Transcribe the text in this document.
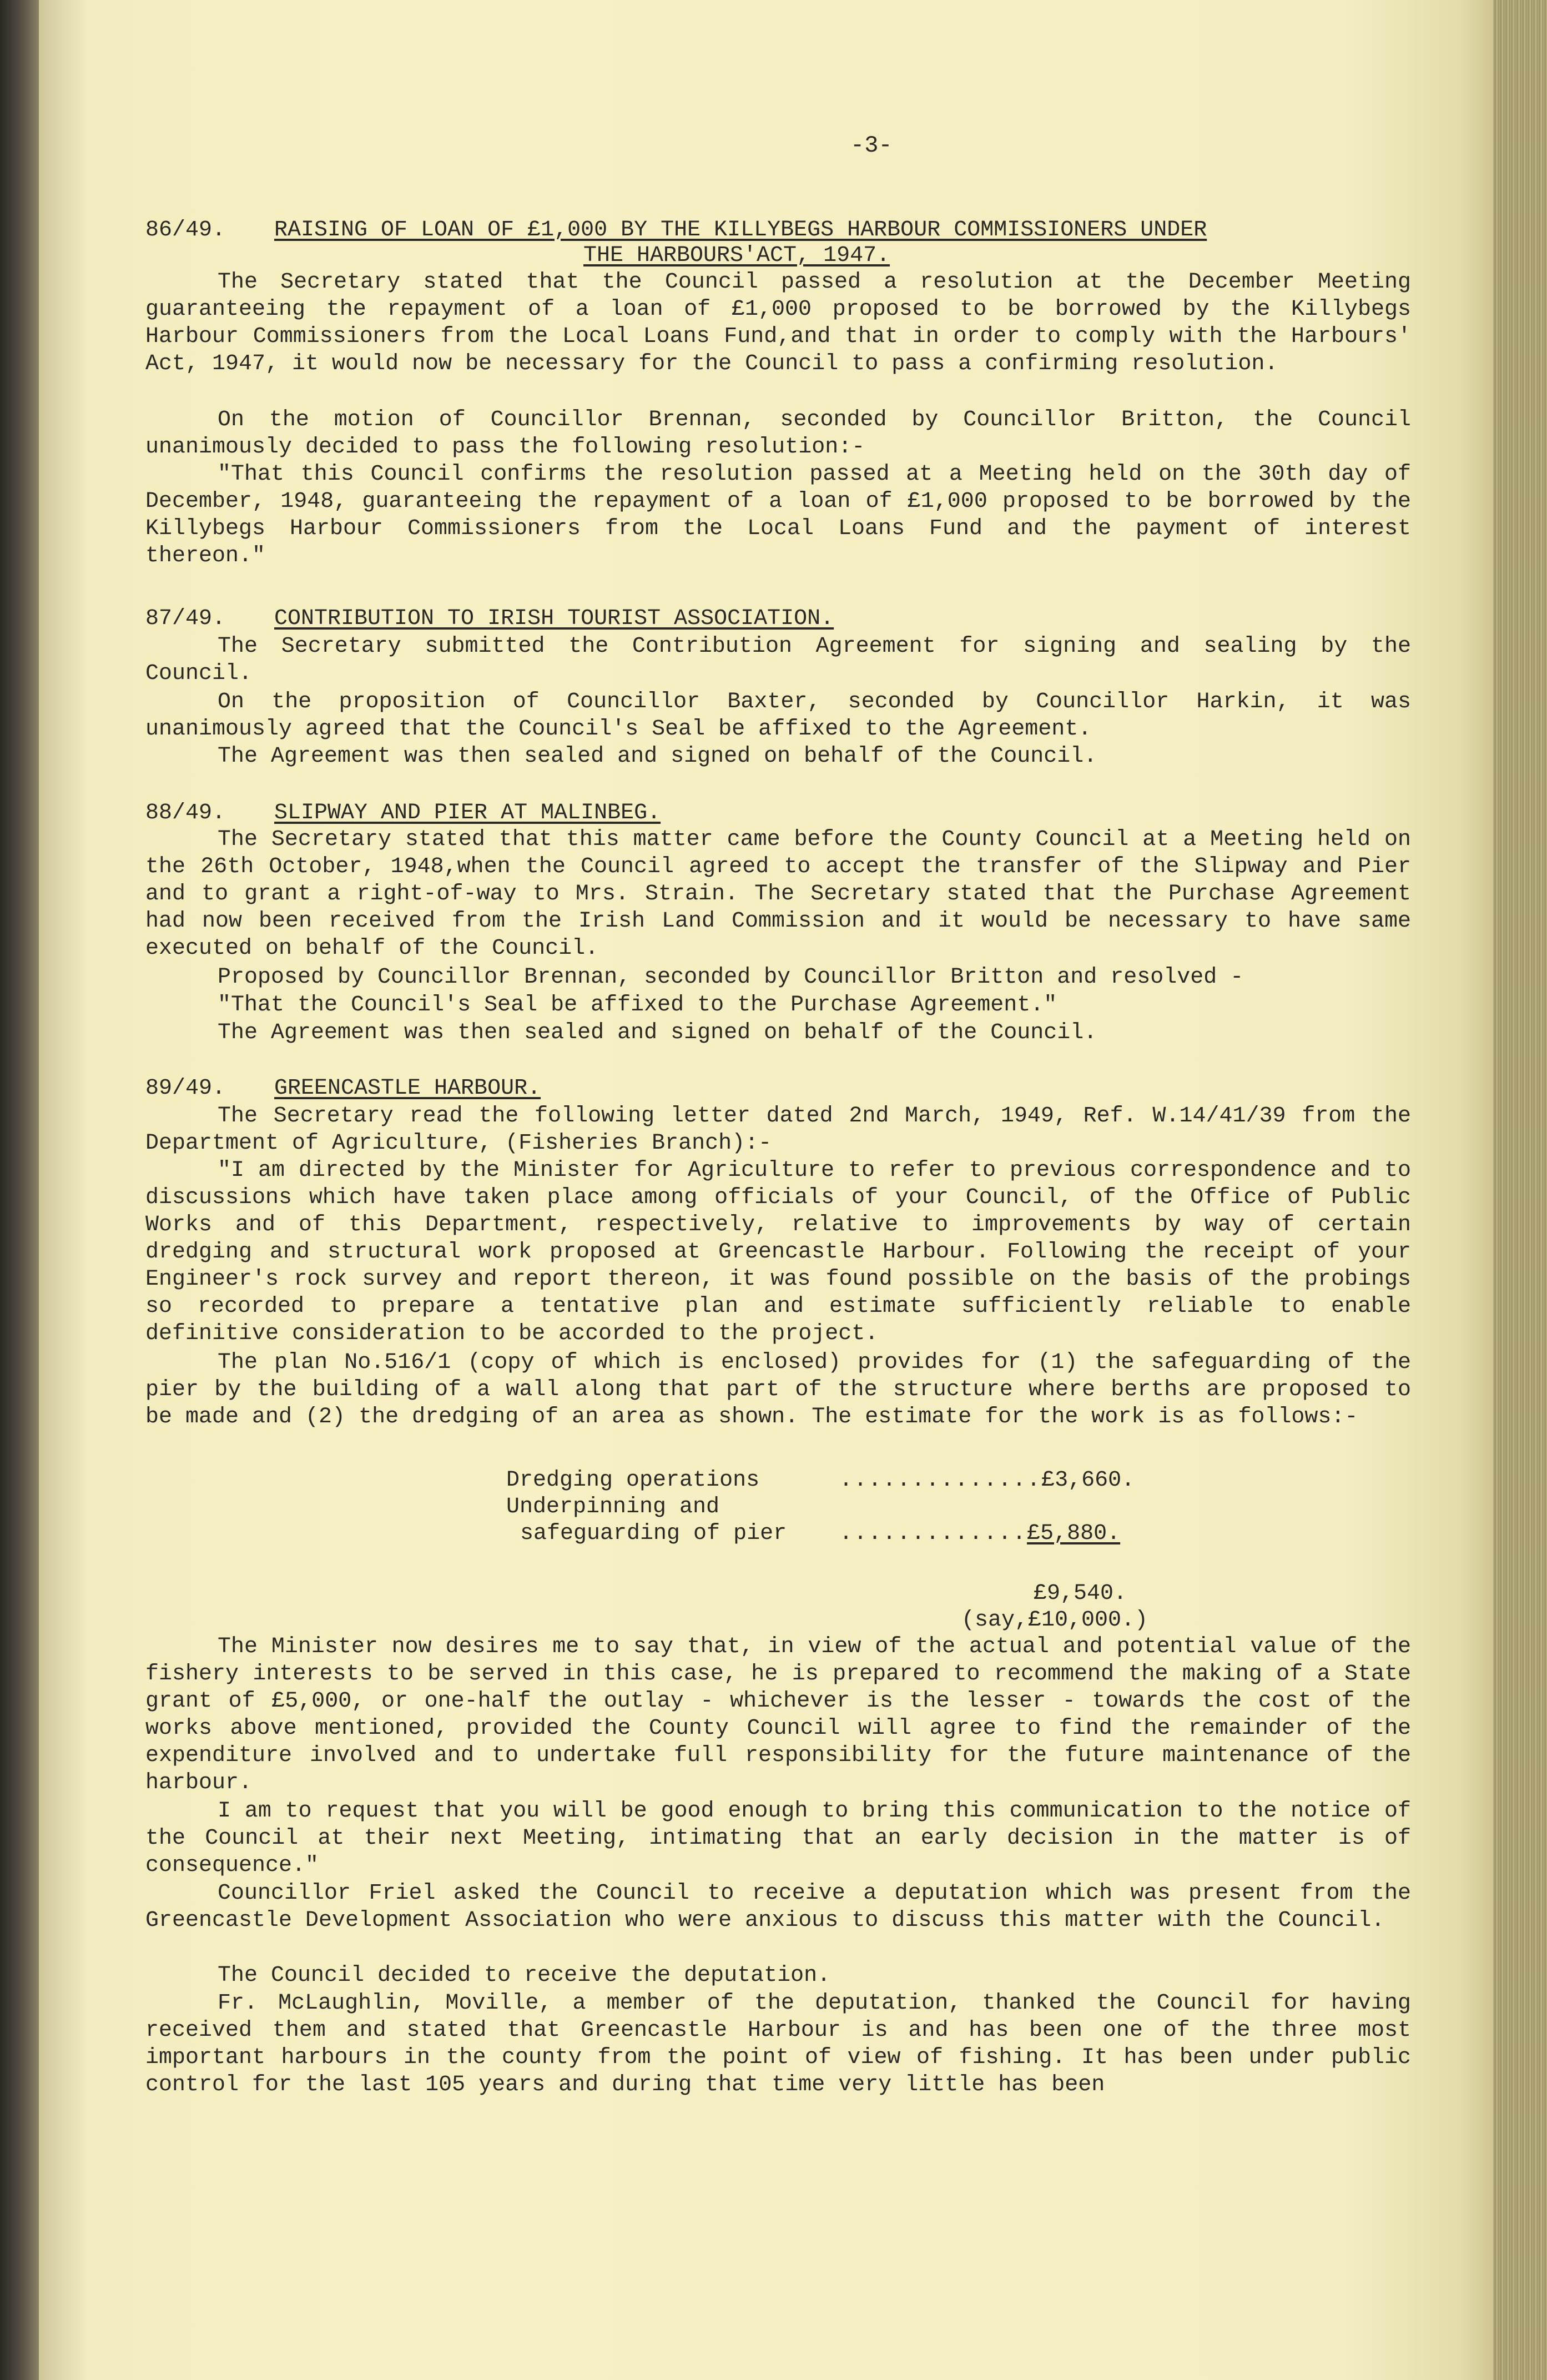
-3-
86/49. RAISING OF LOAN OF £1,000 BY THE KILLYBEGS HARBOUR COMMISSIONERS UNDER
THE HARBOURS'ACT, 1947.
The Secretary stated that the Council passed a resolution at the December Meeting guaranteeing the repayment of a loan of £1,000 proposed to be borrowed by the Killybegs Harbour Commissioners from the Local Loans Fund,and that in order to comply with the Harbours' Act, 1947, it would now be necessary for the Council to pass a confirming resolution.
On the motion of Councillor Brennan, seconded by Councillor Britton, the Council unanimously decided to pass the following resolution:-
"That this Council confirms the resolution passed at a Meeting held on the 30th day of December, 1948, guaranteeing the repayment of a loan of £1,000 proposed to be borrowed by the Killybegs Harbour Commissioners from the Local Loans Fund and the payment of interest thereon."
87/49. CONTRIBUTION TO IRISH TOURIST ASSOCIATION.
The Secretary submitted the Contribution Agreement for signing and sealing by the Council.
On the proposition of Councillor Baxter, seconded by Councillor Harkin, it was unanimously agreed that the Council's Seal be affixed to the Agreement.
The Agreement was then sealed and signed on behalf of the Council.
88/49. SLIPWAY AND PIER AT MALINBEG.
The Secretary stated that this matter came before the County Council at a Meeting held on the 26th October, 1948,when the Council agreed to accept the transfer of the Slipway and Pier and to grant a right-of-way to Mrs. Strain. The Secretary stated that the Purchase Agreement had now been received from the Irish Land Commission and it would be necessary to have same executed on behalf of the Council.
Proposed by Councillor Brennan, seconded by Councillor Britton and resolved -
"That the Council's Seal be affixed to the Purchase Agreement."
The Agreement was then sealed and signed on behalf of the Council.
89/49. GREENCASTLE HARBOUR.
The Secretary read the following letter dated 2nd March, 1949, Ref. W.14/41/39 from the Department of Agriculture, (Fisheries Branch):-
"I am directed by the Minister for Agriculture to refer to previous correspondence and to discussions which have taken place among officials of your Council, of the Office of Public Works and of this Department, respectively, relative to improvements by way of certain dredging and structural work proposed at Greencastle Harbour. Following the receipt of your Engineer's rock survey and report thereon, it was found possible on the basis of the probings so recorded to prepare a tentative plan and estimate sufficiently reliable to enable definitive consideration to be accorded to the project.
The plan No.516/1 (copy of which is enclosed) provides for (1) the safeguarding of the pier by the building of a wall along that part of the structure where berths are proposed to be made and (2) the dredging of an area as shown. The estimate for the work is as follows:-
Dredging operations	..............£3,660.
Underpinning and
safeguarding of pier .............£5,880.
£9,540.
(say,£10,000.)
The Minister now desires me to say that, in view of the actual and potential value of the fishery interests to be served in this case, he is prepared to recommend the making of a State grant of £5,000, or one-half the outlay - whichever is the lesser - towards the cost of the works above mentioned, provided the County Council will agree to find the remainder of the expenditure involved and to undertake full responsibility for the future maintenance of the harbour.
I am to request that you will be good enough to bring this communication to the notice of the Council at their next Meeting, intimating that an early decision in the matter is of consequence."
Councillor Friel asked the Council to receive a deputation which was present from the Greencastle Development Association who were anxious to discuss this matter with the Council.
The Council decided to receive the deputation.
Fr. McLaughlin, Moville, a member of the deputation, thanked the Council for having received them and stated that Greencastle Harbour is and has been one of the three most important harbours in the county from the point of view of fishing. It has been under public control for the last 105 years and during that time very little has been
